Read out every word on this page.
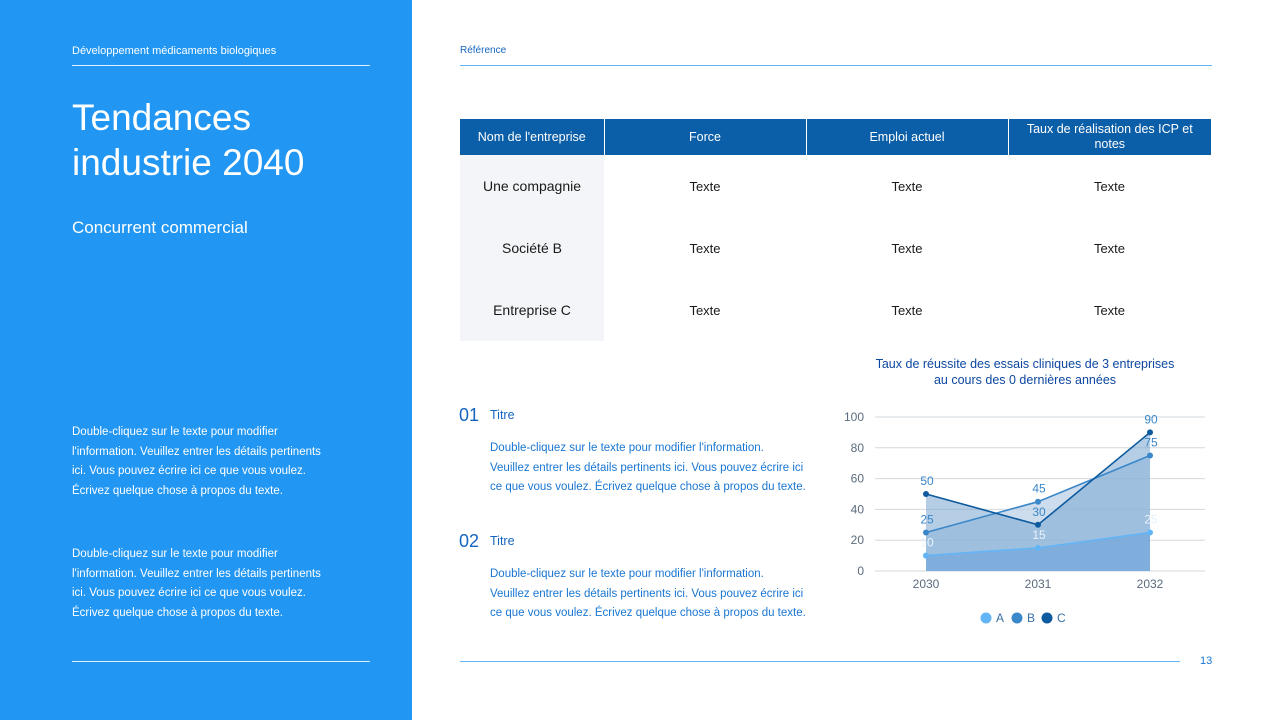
Développement médicaments biologiques
Tendances
industrie 2040
Concurrent commercial
Double-cliquez sur le texte pour modifier
l'information. Veuillez entrer les détails pertinents
ici. Vous pouvez écrire ici ce que vous voulez.
Écrivez quelque chose à propos du texte.
Double-cliquez sur le texte pour modifier
l'information. Veuillez entrer les détails pertinents
ici. Vous pouvez écrire ici ce que vous voulez.
Écrivez quelque chose à propos du texte.
Référence
Nom de l'entreprise	Force	Emploi actuel	Taux de réalisation des ICP et notes
Une compagnie	Texte	Texte	Texte
Société B	Texte	Texte	Texte
Entreprise C	Texte	Texte	Texte
01 Titre
Double-cliquez sur le texte pour modifier l'information.
Veuillez entrer les détails pertinents ici. Vous pouvez écrire ici
ce que vous voulez. Écrivez quelque chose à propos du texte.
02 Titre
Double-cliquez sur le texte pour modifier l'information.
Veuillez entrer les détails pertinents ici. Vous pouvez écrire ici
ce que vous voulez. Écrivez quelque chose à propos du texte.
Taux de réussite des essais cliniques de 3 entreprises
au cours des 0 dernières années
0
20
40
60
80
100
2030	2031	2032
10
15
25
25
45
75
50
30
90
A B C
13
